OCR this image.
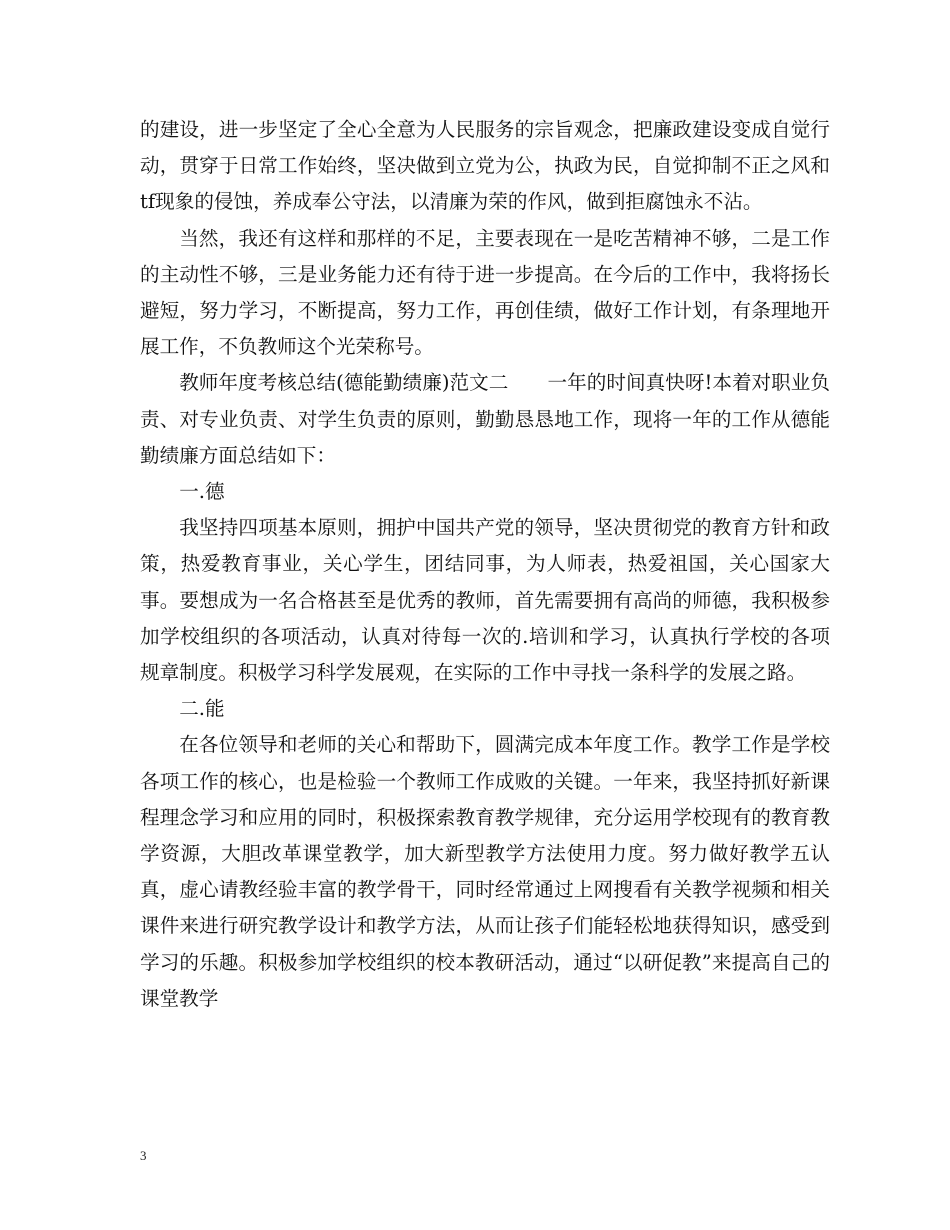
的建设，进一步坚定了全心全意为人民服务的宗旨观念，把廉政建设变成自觉行动，贯穿于日常工作始终，坚决做到立党为公，执政为民，自觉抑制不正之风和tf现象的侵蚀，养成奉公守法，以清廉为荣的作风，做到拒腐蚀永不沾。

当然，我还有这样和那样的不足，主要表现在一是吃苦精神不够，二是工作的主动性不够，三是业务能力还有待于进一步提高。在今后的工作中，我将扬长避短，努力学习，不断提高，努力工作，再创佳绩，做好工作计划，有条理地开展工作，不负教师这个光荣称号。

教师年度考核总结(德能勤绩廉)范文二　　一年的时间真快呀!本着对职业负责、对专业负责、对学生负责的原则，勤勤恳恳地工作，现将一年的工作从德能勤绩廉方面总结如下：

一.德

我坚持四项基本原则，拥护中国共产党的领导，坚决贯彻党的教育方针和政策，热爱教育事业，关心学生，团结同事，为人师表，热爱祖国，关心国家大事。要想成为一名合格甚至是优秀的教师，首先需要拥有高尚的师德，我积极参加学校组织的各项活动，认真对待每一次的.培训和学习，认真执行学校的各项规章制度。积极学习科学发展观，在实际的工作中寻找一条科学的发展之路。

二.能

在各位领导和老师的关心和帮助下，圆满完成本年度工作。教学工作是学校各项工作的核心，也是检验一个教师工作成败的关键。一年来，我坚持抓好新课程理念学习和应用的同时，积极探索教育教学规律，充分运用学校现有的教育教学资源，大胆改革课堂教学，加大新型教学方法使用力度。努力做好教学五认真，虚心请教经验丰富的教学骨干，同时经常通过上网搜看有关教学视频和相关课件来进行研究教学设计和教学方法，从而让孩子们能轻松地获得知识，感受到学习的乐趣。积极参加学校组织的校本教研活动，通过“以研促教”来提高自己的课堂教学

3
